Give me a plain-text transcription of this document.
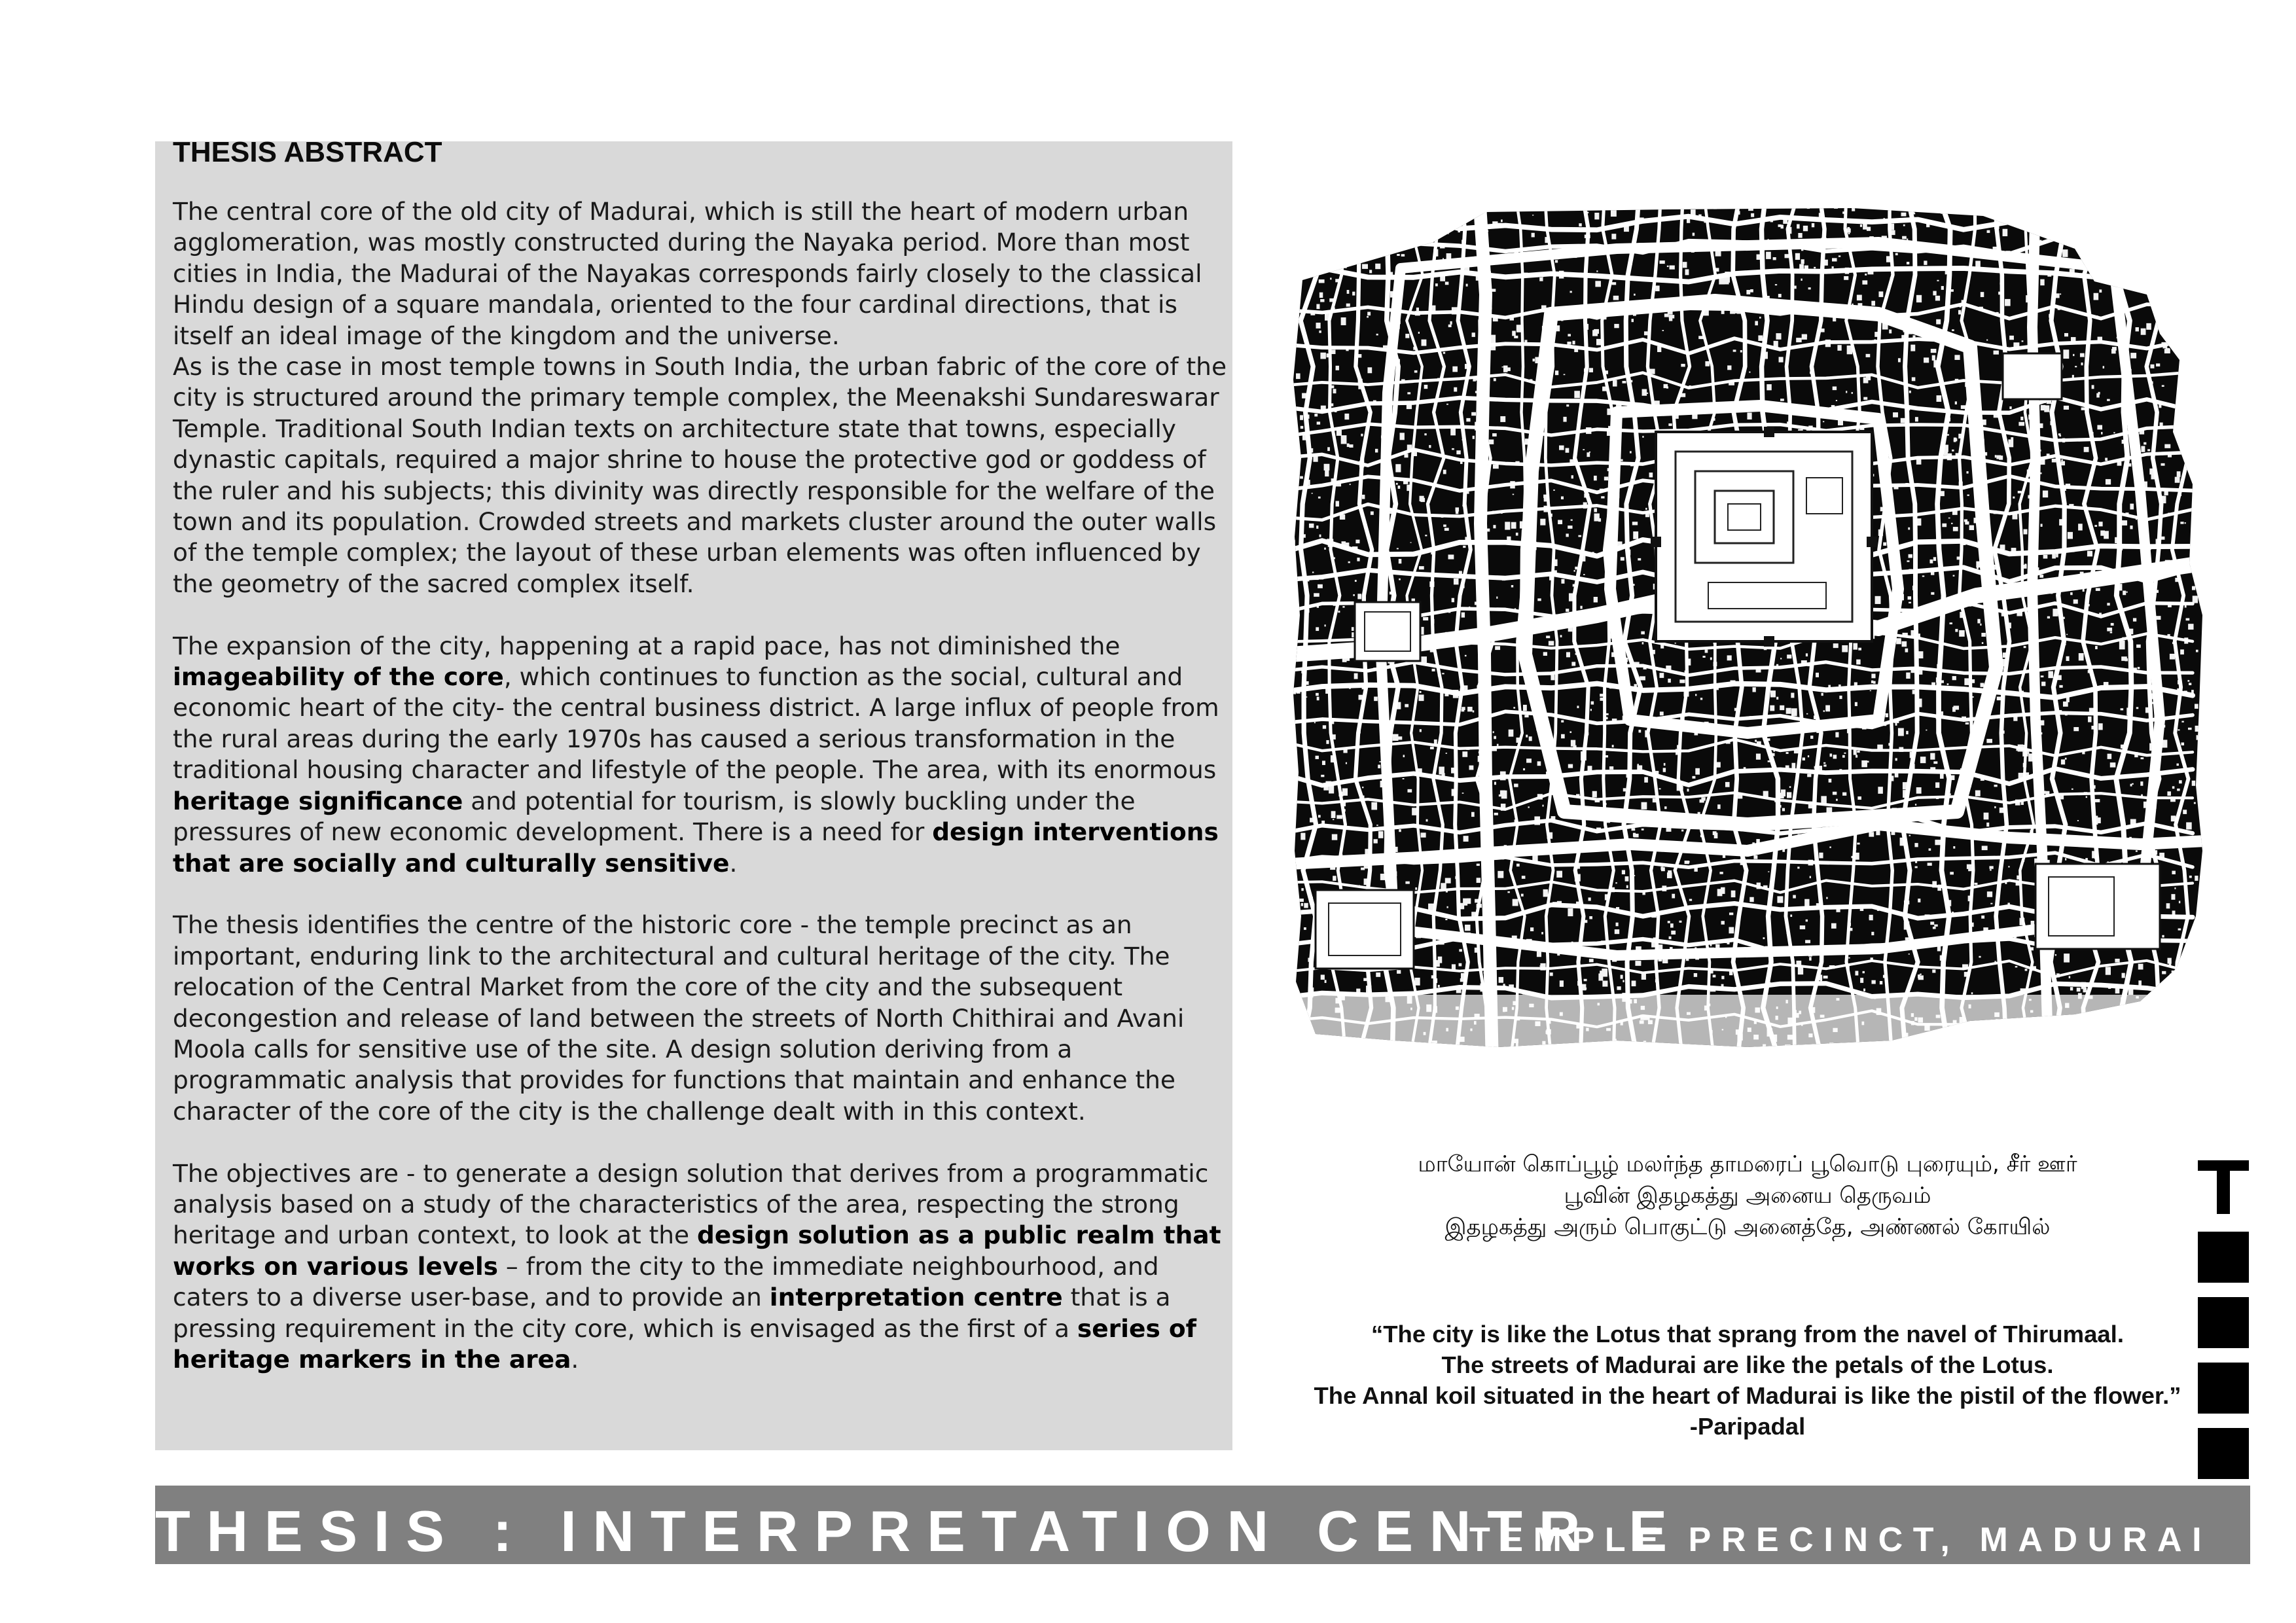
THESIS ABSTRACT

The central core of the old city of Madurai, which is still the heart of modern urban agglomeration, was mostly constructed during the Nayaka period. More than most cities in India, the Madurai of the Nayakas corresponds fairly closely to the classical Hindu design of a square mandala, oriented to the four cardinal directions, that is itself an ideal image of the kingdom and the universe.
As is the case in most temple towns in South India, the urban fabric of the core of the city is structured around the primary temple complex, the Meenakshi Sundareswarar Temple. Traditional South Indian texts on architecture state that towns, especially dynastic capitals, required a major shrine to house the protective god or goddess of the ruler and his subjects; this divinity was directly responsible for the welfare of the town and its population. Crowded streets and markets cluster around the outer walls of the temple complex; the layout of these urban elements was often influenced by the geometry of the sacred complex itself.

The expansion of the city, happening at a rapid pace, has not diminished the imageability of the core, which continues to function as the social, cultural and economic heart of the city- the central business district. A large influx of people from the rural areas during the early 1970s has caused a serious transformation in the traditional housing character and lifestyle of the people. The area, with its enormous heritage significance and potential for tourism, is slowly buckling under the pressures of new economic development. There is a need for design interventions that are socially and culturally sensitive.

The thesis identifies the centre of the historic core - the temple precinct as an important, enduring link to the architectural and cultural heritage of the city. The relocation of the Central Market from the core of the city and the subsequent decongestion and release of land between the streets of North Chithirai and Avani Moola calls for sensitive use of the site. A design solution deriving from a programmatic analysis that provides for functions that maintain and enhance the character of the core of the city is the challenge dealt with in this context.

The objectives are - to generate a design solution that derives from a programmatic analysis based on a study of the characteristics of the area, respecting the strong heritage and urban context, to look at the design solution as a public realm that works on various levels – from the city to the immediate neighbourhood, and caters to a diverse user-base, and to provide an interpretation centre that is a pressing requirement in the city core, which is envisaged as the first of a series of heritage markers in the area.

மாயோன் கொப்பூழ் மலர்ந்த தாமரைப் பூவொடு புரையும், சீர் ஊர்
பூவின் இதழகத்து அனைய தெருவம்
இதழகத்து அரும் பொகுட்டு அனைத்தே, அண்ணல் கோயில்
“The city is like the Lotus that sprang from the navel of Thirumaal.
The streets of Madurai are like the petals of the Lotus.
The Annal koil situated in the heart of Madurai is like the pistil of the flower.”
-Paripadal
THESIS : INTERPRETATION CENTR E
TEMPLE PRECINCT, MADURAI
